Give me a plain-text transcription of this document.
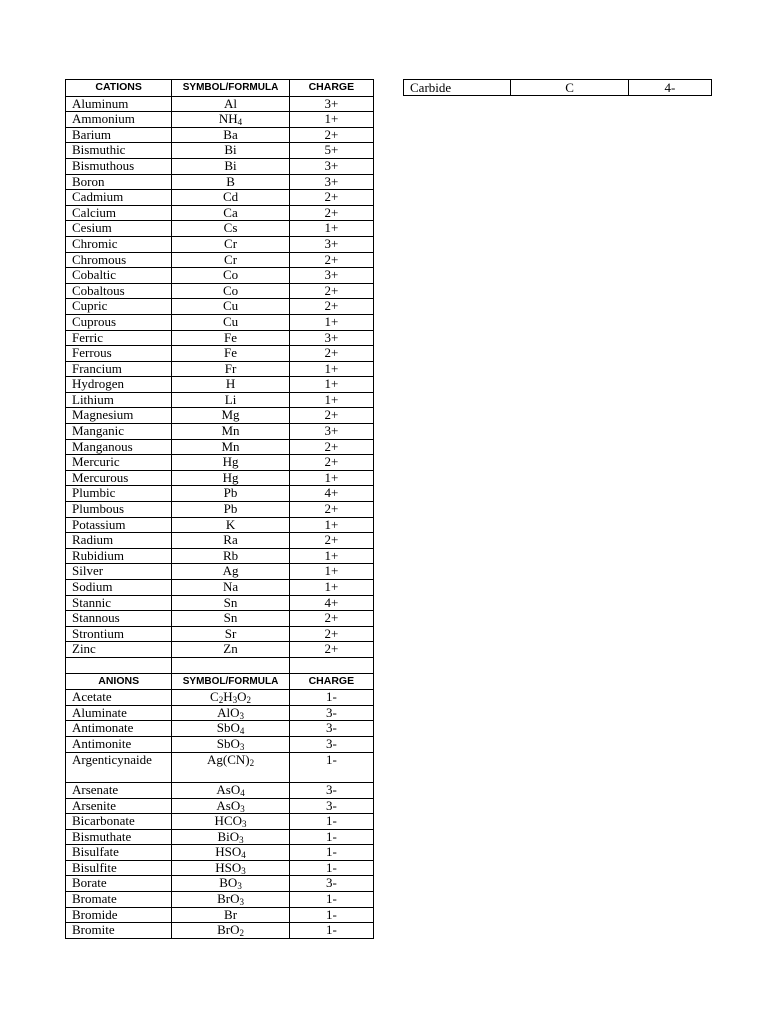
CATIONS	SYMBOL/FORMULA	CHARGE
Aluminum	Al	3+
Ammonium	$NH_4$	1+
Barium	Ba	2+
Bismuthic	Bi	5+
Bismuthous	Bi	3+
Boron	B	3+
Cadmium	Cd	2+
Calcium	Ca	2+
Cesium	Cs	1+
Chromic	Cr	3+
Chromous	Cr	2+
Cobaltic	Co	3+
Cobaltous	Co	2+
Cupric	Cu	2+
Cuprous	Cu	1+
Ferric	Fe	3+
Ferrous	Fe	2+
Francium	Fr	1+
Hydrogen	H	1+
Lithium	Li	1+
Magnesium	Mg	2+
Manganic	Mn	3+
Manganous	Mn	2+
Mercuric	Hg	2+
Mercurous	Hg	1+
Plumbic	Pb	4+
Plumbous	Pb	2+
Potassium	K	1+
Radium	Ra	2+
Rubidium	Rb	1+
Silver	Ag	1+
Sodium	Na	1+
Stannic	Sn	4+
Stannous	Sn	2+
Strontium	Sr	2+
Zinc	Zn	2+

ANIONS	SYMBOL/FORMULA	CHARGE
Acetate	$C_2H_3O_2$	1-
Aluminate	AlO$_3$	3-
Antimonate	SbO$_4$	3-
Antimonite	SbO$_3$	3-
Argenticynaide	$Ag(CN)_2$	1-
Arsenate	AsO$_4$	3-
Arsenite	AsO$_3$	3-
Bicarbonate	$HCO_3$	1-
Bismuthate	BiO$_3$	1-
Bisulfate	$HSO_4$	1-
Bisulfite	$HSO_3$	1-
Borate	$BO_3$	3-
Bromate	BrO$_3$	1-
Bromide	Br	1-
Bromite	BrO$_2$	1-
Carbide	C	4-
